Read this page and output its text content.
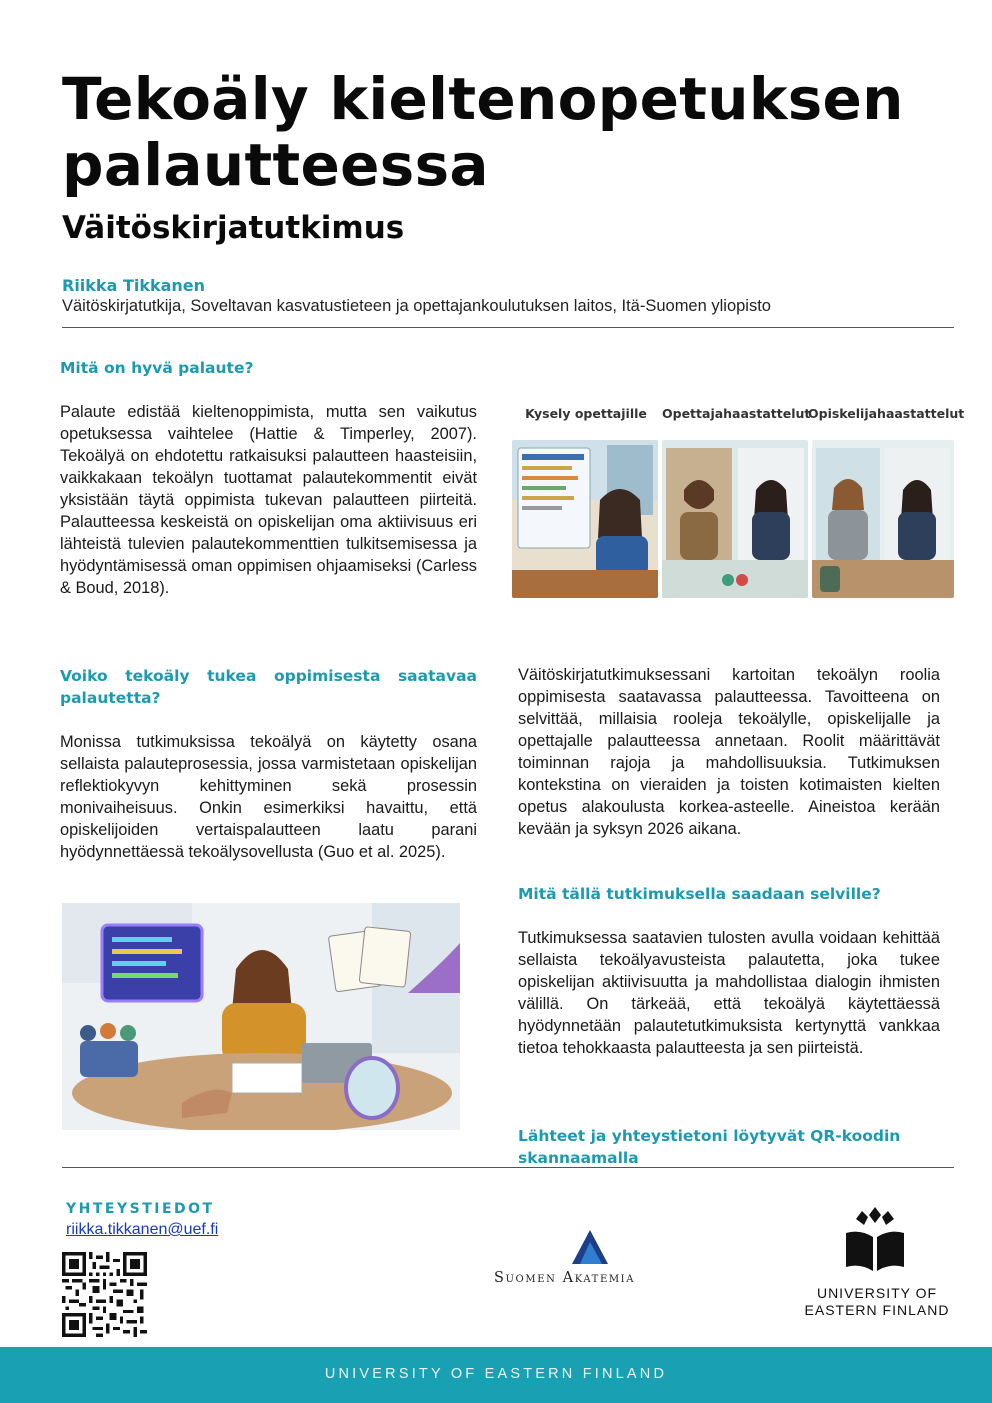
Tekoäly kieltenopetuksen palautteessa
Väitöskirjatutkimus
Riikka Tikkanen
Väitöskirjatutkija, Soveltavan kasvatustieteen ja opettajankoulutuksen laitos, Itä-Suomen yliopisto
Mitä on hyvä palaute?
Palaute edistää kieltenoppimista, mutta sen vaikutus opetuksessa vaihtelee (Hattie & Timperley, 2007). Tekoälyä on ehdotettu ratkaisuksi palautteen haasteisiin, vaikkakaan tekoälyn tuottamat palautekommentit eivät yksistään täytä oppimista tukevan palautteen piirteitä. Palautteessa keskeistä on opiskelijan oma aktiivisuus eri lähteistä tulevien palautekommenttien tulkitsemisessa ja hyödyntämisessä oman oppimisen ohjaamiseksi (Carless & Boud, 2018).
Voiko tekoäly tukea oppimisesta saatavaa palautetta?
Monissa tutkimuksissa tekoälyä on käytetty osana sellaista palauteprosessia, jossa varmistetaan opiskelijan reflektiokyvyn kehittyminen sekä prosessin monivaiheisuus. Onkin esimerkiksi havaittu, että opiskelijoiden vertaispalautteen laatu parani hyödynnettäessä tekoälysovellusta (Guo et al. 2025).
Kysely opettajille	Opettajahaastattelut
Opiskelijahaastattelut
Väitöskirjatutkimuksessani kartoitan tekoälyn roolia oppimisesta saatavassa palautteessa. Tavoitteena on selvittää, millaisia rooleja tekoälylle, opiskelijalle ja opettajalle palautteessa annetaan. Roolit määrittävät toiminnan rajoja ja mahdollisuuksia. Tutkimuksen kontekstina on vieraiden ja toisten kotimaisten kielten opetus alakoulusta korkea-asteelle. Aineistoa kerään kevään ja syksyn 2026 aikana.
Mitä tällä tutkimuksella saadaan selville?
Tutkimuksessa saatavien tulosten avulla voidaan kehittää sellaista tekoälyavusteista palautetta, joka tukee opiskelijan aktiivisuutta ja mahdollistaa dialogin ihmisten välillä. On tärkeää, että tekoälyä käytettäessä hyödynnetään palautetutkimuksista kertynyttä vankkaa tietoa tehokkaasta palautteesta ja sen piirteistä.
Lähteet ja yhteystietoni löytyvät QR-koodin skannaamalla
YHTEYSTIEDOT
riikka.tikkanen@uef.fi
Suomen Akatemia
UNIVERSITY OF
EASTERN FINLAND
UNIVERSITY OF EASTERN FINLAND
